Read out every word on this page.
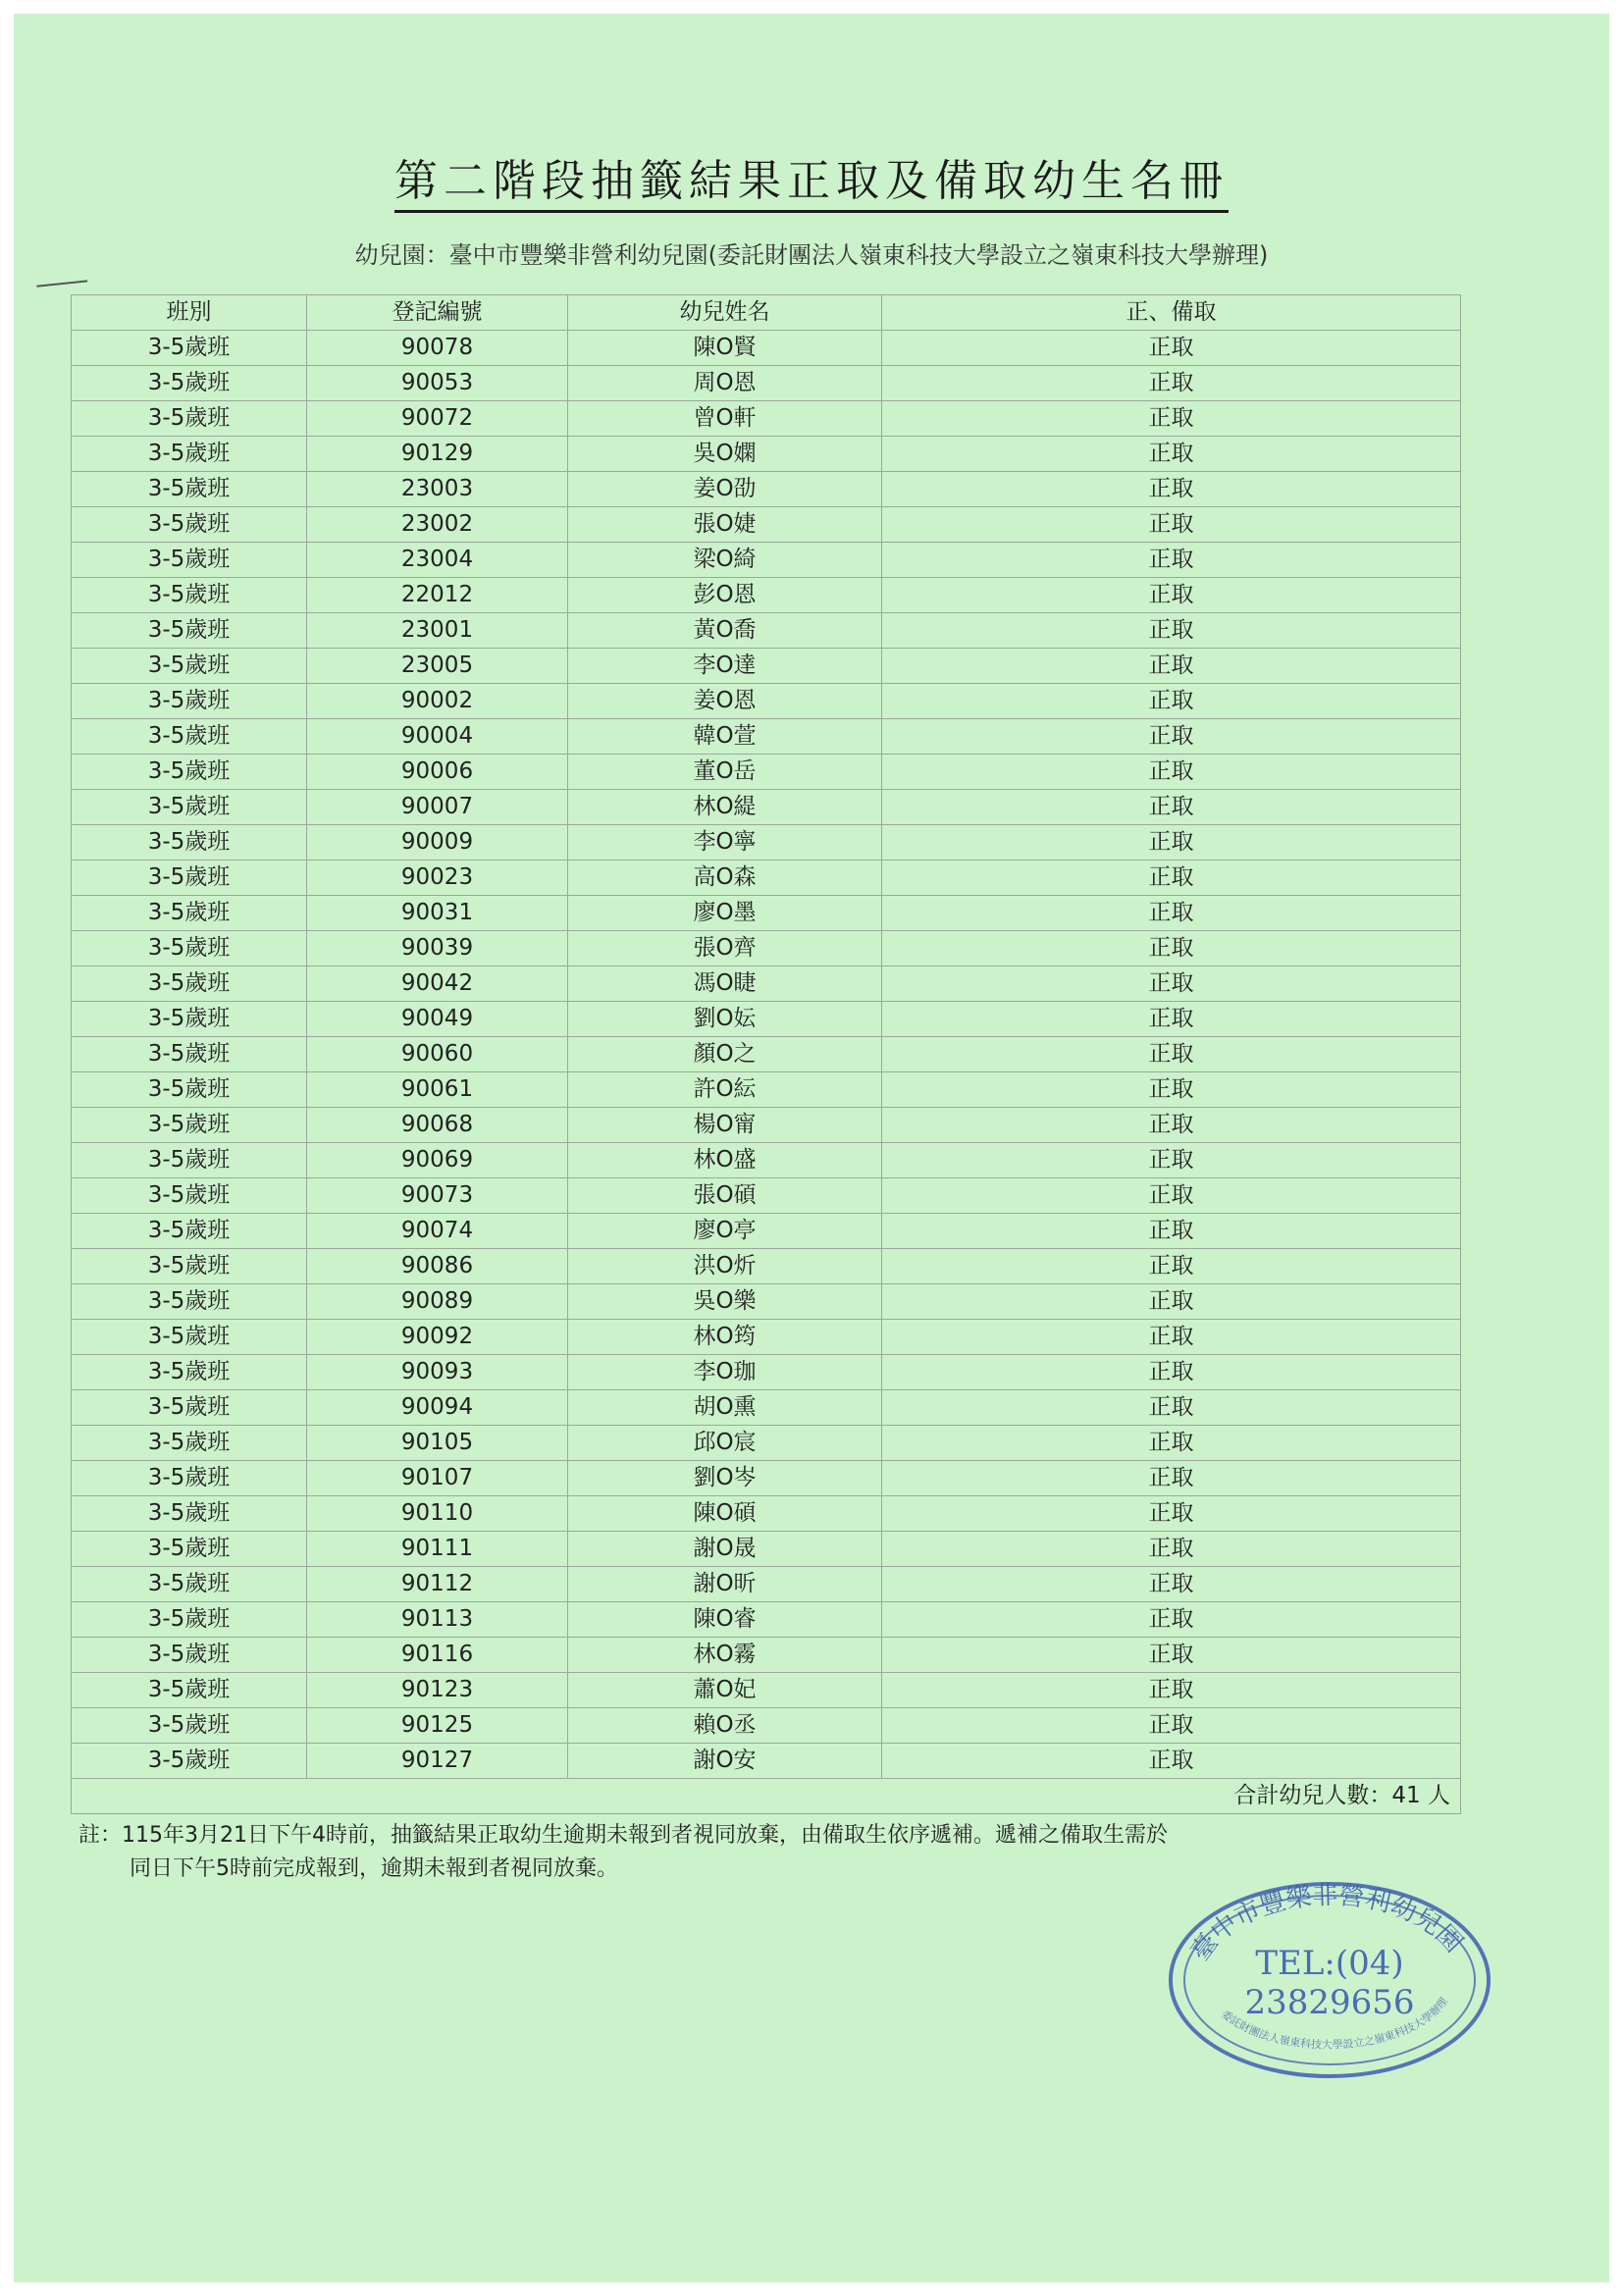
第二階段抽籤結果正取及備取幼生名冊
幼兒園：臺中市豐樂非營利幼兒園(委託財團法人嶺東科技大學設立之嶺東科技大學辦理)
班別	登記編號	幼兒姓名	正、備取
3-5歲班	90078	陳O賢	正取
3-5歲班	90053	周O恩	正取
3-5歲班	90072	曾O軒	正取
3-5歲班	90129	吳O嫻	正取
3-5歲班	23003	姜O劭	正取
3-5歲班	23002	張O婕	正取
3-5歲班	23004	梁O綺	正取
3-5歲班	22012	彭O恩	正取
3-5歲班	23001	黃O喬	正取
3-5歲班	23005	李O達	正取
3-5歲班	90002	姜O恩	正取
3-5歲班	90004	韓O萱	正取
3-5歲班	90006	董O岳	正取
3-5歲班	90007	林O緹	正取
3-5歲班	90009	李O寧	正取
3-5歲班	90023	高O森	正取
3-5歲班	90031	廖O墨	正取
3-5歲班	90039	張O齊	正取
3-5歲班	90042	馮O睫	正取
3-5歲班	90049	劉O妘	正取
3-5歲班	90060	顏O之	正取
3-5歲班	90061	許O紜	正取
3-5歲班	90068	楊O甯	正取
3-5歲班	90069	林O盛	正取
3-5歲班	90073	張O碩	正取
3-5歲班	90074	廖O亭	正取
3-5歲班	90086	洪O炘	正取
3-5歲班	90089	吳O樂	正取
3-5歲班	90092	林O筠	正取
3-5歲班	90093	李O珈	正取
3-5歲班	90094	胡O熏	正取
3-5歲班	90105	邱O宸	正取
3-5歲班	90107	劉O岑	正取
3-5歲班	90110	陳O碩	正取
3-5歲班	90111	謝O晟	正取
3-5歲班	90112	謝O昕	正取
3-5歲班	90113	陳O睿	正取
3-5歲班	90116	林O霧	正取
3-5歲班	90123	蕭O妃	正取
3-5歲班	90125	賴O丞	正取
3-5歲班	90127	謝O安	正取
合計幼兒人數：41 人			
註：115年3月21日下午4時前，抽籤結果正取幼生逾期未報到者視同放棄，由備取生依序遞補。遞補之備取生需於
同日下午5時前完成報到，逾期未報到者視同放棄。
臺中市豐樂非營利幼兒園
TEL:(04)
23829656
委託財團法人嶺東科技大學設立之嶺東科技大學辦理
